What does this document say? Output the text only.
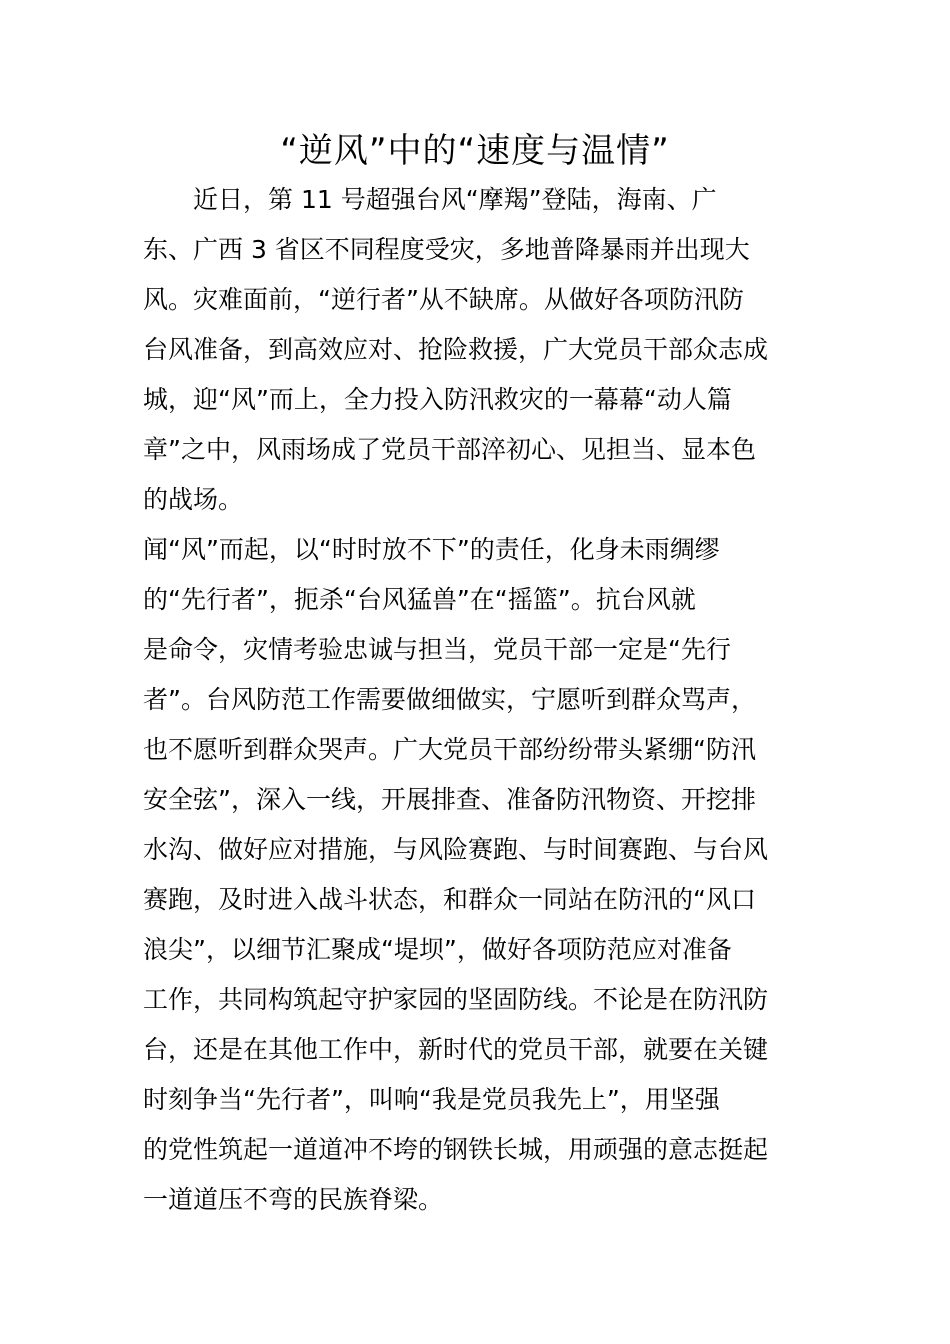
“逆风”中的“速度与温情”
　　近日，第 11 号超强台风“摩羯”登陆，海南、广
东、广西 3 省区不同程度受灾，多地普降暴雨并出现大
风。灾难面前，“逆行者”从不缺席。从做好各项防汛防
台风准备，到高效应对、抢险救援，广大党员干部众志成
城，迎“风”而上，全力投入防汛救灾的一幕幕“动人篇
章”之中，风雨场成了党员干部淬初心、见担当、显本色
的战场。
闻“风”而起，以“时时放不下”的责任，化身未雨绸缪
的“先行者”，扼杀“台风猛兽”在“摇篮”。抗台风就
是命令，灾情考验忠诚与担当，党员干部一定是“先行
者”。台风防范工作需要做细做实，宁愿听到群众骂声，
也不愿听到群众哭声。广大党员干部纷纷带头紧绷“防汛
安全弦”，深入一线，开展排查、准备防汛物资、开挖排
水沟、做好应对措施，与风险赛跑、与时间赛跑、与台风
赛跑，及时进入战斗状态，和群众一同站在防汛的“风口
浪尖”，以细节汇聚成“堤坝”，做好各项防范应对准备
工作，共同构筑起守护家园的坚固防线。不论是在防汛防
台，还是在其他工作中，新时代的党员干部，就要在关键
时刻争当“先行者”，叫响“我是党员我先上”，用坚强
的党性筑起一道道冲不垮的钢铁长城，用顽强的意志挺起
一道道压不弯的民族脊梁。
